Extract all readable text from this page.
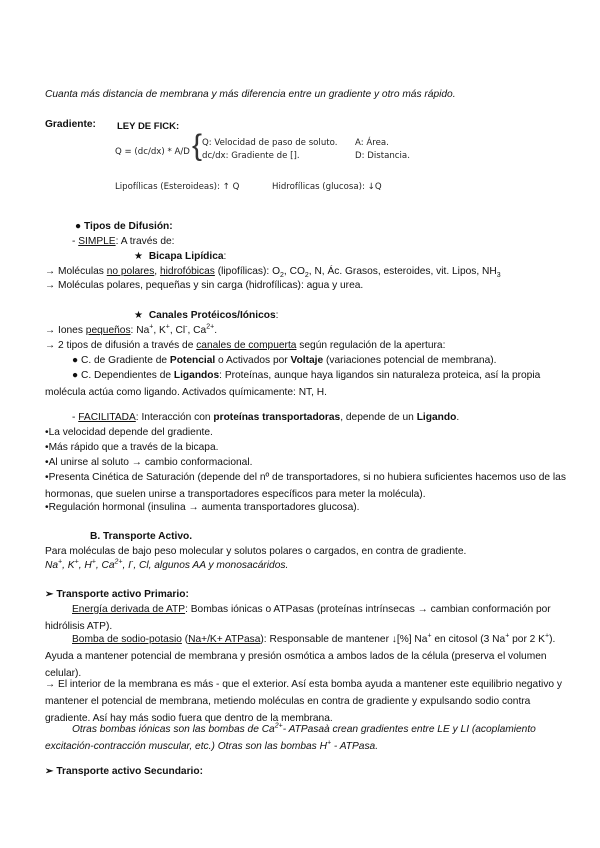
Cuanta más distancia de membrana y más diferencia entre un gradiente y otro más rápido.
Gradiente: LEY DE FICK:
Q = (dc/dx) * A/D { Q: Velocidad de paso de soluto.
dc/dx: Gradiente de [].
A: Área.
D: Distancia.
Lipofílicas (Esteroideas): ↑ Q	Hidrofílicas (glucosa): ↓Q
● Tipos de Difusión:
- SIMPLE: A través de:
★ Bicapa Lipídica:
→ Moléculas no polares, hidrofóbicas (lipofílicas): $O_2$, $CO_2$, N, Ác. Grasos, esteroides, vit. Lipos, $NH_3$
→ Moléculas polares, pequeñas y sin carga (hidrofílicas): agua y urea.
★ Canales Protéicos/Iónicos:
→ Iones pequeños: Na+, K+, Cl-, $Ca^{2+}$.
→ 2 tipos de difusión a través de canales de compuerta según regulación de la apertura:
● C. de Gradiente de Potencial o Activados por Voltaje (variaciones potencial de membrana).
● C. Dependientes de Ligandos: Proteínas, aunque haya ligandos sin naturaleza proteica, así la propia molécula actúa como ligando. Activados químicamente: NT, H.
- FACILITADA: Interacción con proteínas transportadoras, depende de un Ligando.
•La velocidad depende del gradiente.
•Más rápido que a través de la bicapa.
•Al unirse al soluto → cambio conformacional.
•Presenta Cinética de Saturación (depende del nº de transportadores, si no hubiera suficientes hacemos uso de las hormonas, que suelen unirse a transportadores específicos para meter la molécula).
•Regulación hormonal (insulina → aumenta transportadores glucosa).
B. Transporte Activo.
Para moléculas de bajo peso molecular y solutos polares o cargados, en contra de gradiente.
Na+, K+, H+, $Ca^{2+}$, I-, Cl, algunos AA y monosacáridos.
➢ Transporte activo Primario:
Energía derivada de ATP: Bombas iónicas o ATPasas (proteínas intrínsecas → cambian conformación por hidrólisis ATP).
Bomba de sodio-potasio (Na+/K+ ATPasa): Responsable de mantener ↓[%] Na+ en citosol (3 Na+ por 2 K+). Ayuda a mantener potencial de membrana y presión osmótica a ambos lados de la célula (preserva el volumen celular).
→ El interior de la membrana es más - que el exterior. Así esta bomba ayuda a mantener este equilibrio negativo y mantener el potencial de membrana, metiendo moléculas en contra de gradiente y expulsando sodio contra gradiente. Así hay más sodio fuera que dentro de la membrana.
Otras bombas iónicas son las bombas de $Ca^{2+}-$ ATPasaà crean gradientes entre LE y LI (acoplamiento excitación-contracción muscular, etc.) Otras son las bombas H+ - ATPasa.
➢ Transporte activo Secundario:
